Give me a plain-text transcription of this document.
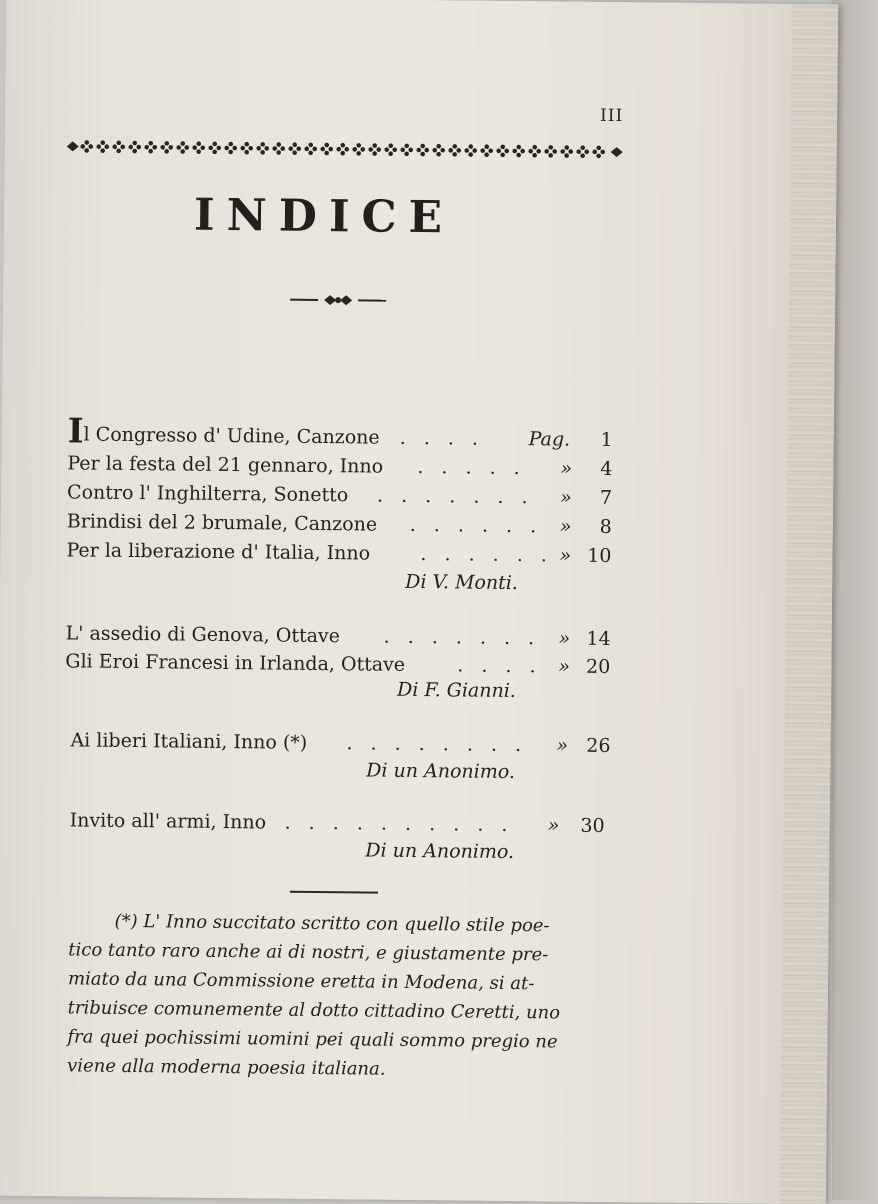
III
INDICE
Il Congresso d' Udine, Canzone . . . . Pag. 1
Per la festa del 21 gennaro, Inno . . . . . » 4
Contro l' Inghilterra, Sonetto . . . . . . . » 7
Brindisi del 2 brumale, Canzone . . . . . . » 8
Per la liberazione d' Italia, Inno	. . . . . . » 10
Di V. Monti.
L' assedio di Genova, Ottave . . . . . . . » 14
Gli Eroi Francesi in Irlanda, Ottave	. . . . » 20
Di F. Gianni.
Ai liberi Italiani, Inno (*) . . . . . . . . » 26
Di un Anonimo.
Invito all' armi, Inno . . . . . . . . . . » 30
Di un Anonimo.
(*) L' Inno succitato scritto con quello stile poe-
tico tanto raro anche ai di nostri, e giustamente pre-
miato da una Commissione eretta in Modena, si at-
tribuisce comunemente al dotto cittadino Ceretti, uno
fra quei pochissimi uomini pei quali sommo pregio ne
viene alla moderna poesia italiana.
